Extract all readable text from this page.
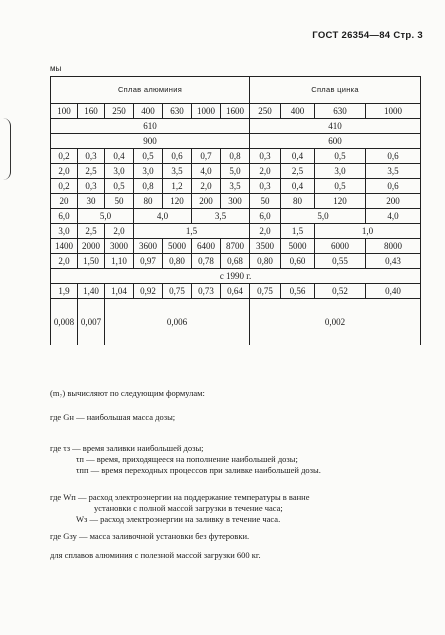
ГОСТ 26354—84 Стр. 3
мы
Сплав алюминия							Сплав цинка			
100	160	250	400	630	1000	1600	250	400	630	1000
610							410			
900							600			
0,2	0,3	0,4	0,5	0,6	0,7	0,8	0,3	0,4	0,5	0,6
2,0	2,5	3,0	3,0	3,5	4,0	5,0	2,0	2,5	3,0	3,5
0,2	0,3	0,5	0,8	1,2	2,0	3,5	0,3	0,4	0,5	0,6
20	30	50	80	120	200	300	50	80	120	200
6,0	5,0		4,0		3,5		6,0	5,0		4,0
3,0	2,5	2,0	1,5				2,0	1,5	1,0	
1400	2000	3000	3600	5000	6400	8700	3500	5000	6000	8000
2,0	1,50	1,10	0,97	0,80	0,78	0,68	0,80	0,60	0,55	0,43
с 1990 г.										
1,9	1,40	1,04	0,92	0,75	0,73	0,64	0,75	0,56	0,52	0,40
0,008	0,007	0,006					0,002			
(m₇) вычисляют по следующим формулам:
где Gн — наибольшая масса дозы;
где τз — время заливки наибольшей дозы;
τп — время, приходящееся на пополнение наибольшей дозы;
τпп — время переходных процессов при заливке наибольшей дозы.
где Wп — расход электроэнергии на поддержание температуры в ванне
установки с полной массой загрузки в течение часа;
Wз — расход электроэнергии на заливку в течение часа.
где Gзу — масса заливочной установки без футеровки.
для сплавов алюминия с полезной массой загрузки 600 кг.
